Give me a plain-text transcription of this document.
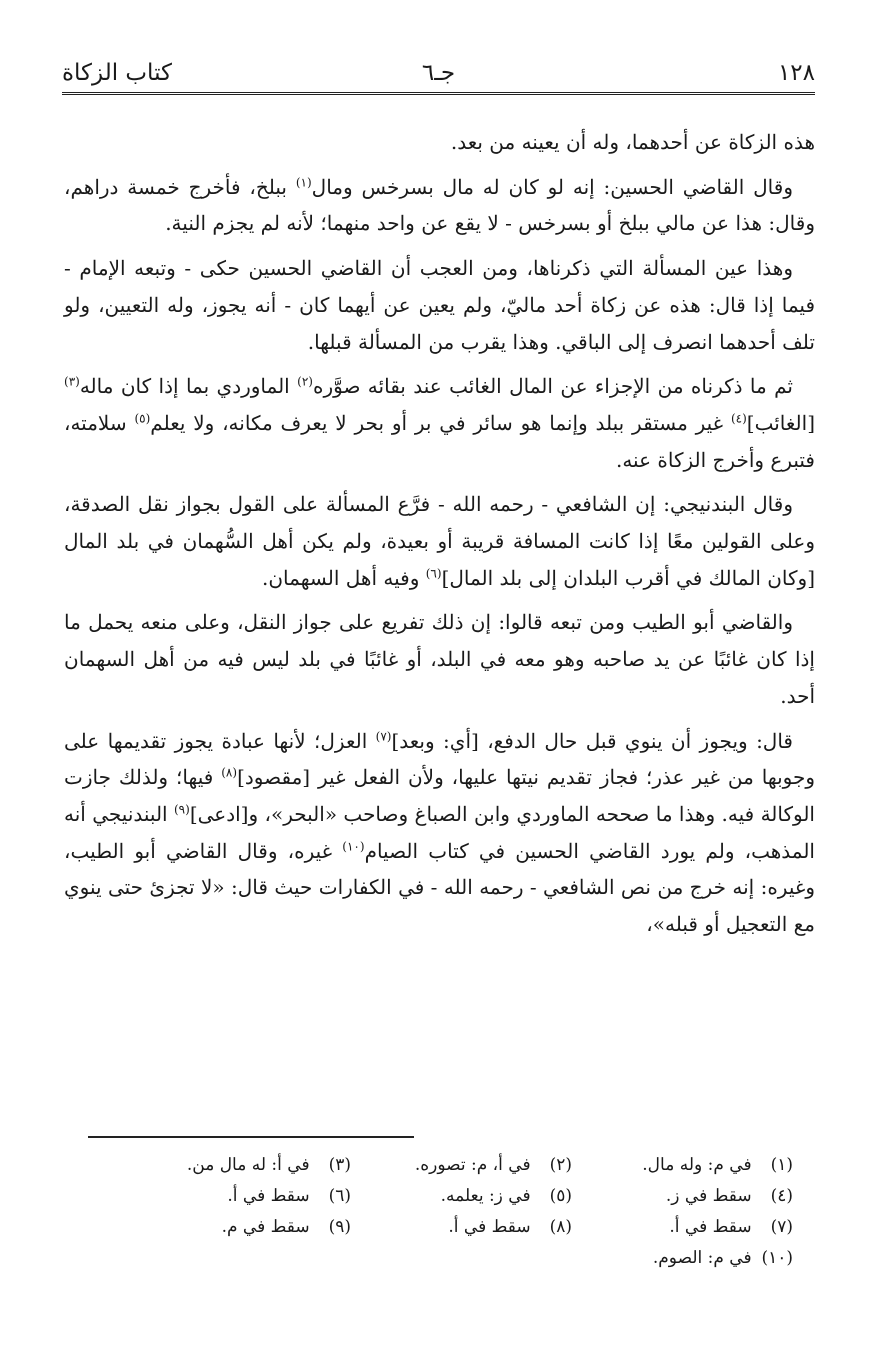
١٢٨
جـ٦
كتاب الزكاة

هذه الزكاة عن أحدهما، وله أن يعينه من بعد.

وقال القاضي الحسين: إنه لو كان له مال بسرخس ومال$^{(١)}$ ببلخ، فأخرج خمسة دراهم، وقال: هذا عن مالي ببلخ أو بسرخس - لا يقع عن واحد منهما؛ لأنه لم يجزم النية.

وهذا عين المسألة التي ذكرناها، ومن العجب أن القاضي الحسين حكى - وتبعه الإمام - فيما إذا قال: هذه عن زكاة أحد ماليّ، ولم يعين عن أيهما كان - أنه يجوز، وله التعيين، ولو تلف أحدهما انصرف إلى الباقي. وهذا يقرب من المسألة قبلها.

ثم ما ذكرناه من الإجزاء عن المال الغائب عند بقائه صوَّره$^{(٢)}$ الماوردي بما إذا كان ماله$^{(٣)}$ [الغائب]$^{(٤)}$ غير مستقر ببلد وإنما هو سائر في بر أو بحر لا يعرف مكانه، ولا يعلم$^{(٥)}$ سلامته، فتبرع وأخرج الزكاة عنه.

وقال البندنيجي: إن الشافعي - رحمه الله - فرَّع المسألة على القول بجواز نقل الصدقة، وعلى القولين معًا إذا كانت المسافة قريبة أو بعيدة، ولم يكن أهل السُّهمان في بلد المال [وكان المالك في أقرب البلدان إلى بلد المال]$^{(٦)}$ وفيه أهل السهمان.

والقاضي أبو الطيب ومن تبعه قالوا: إن ذلك تفريع على جواز النقل، وعلى منعه يحمل ما إذا كان غائبًا عن يد صاحبه وهو معه في البلد، أو غائبًا في بلد ليس فيه من أهل السهمان أحد.

قال: ويجوز أن ينوي قبل حال الدفع، [أي: وبعد]$^{(٧)}$ العزل؛ لأنها عبادة يجوز تقديمها على وجوبها من غير عذر؛ فجاز تقديم نيتها عليها، ولأن الفعل غير [مقصود]$^{(٨)}$ فيها؛ ولذلك جازت الوكالة فيه. وهذا ما صححه الماوردي وابن الصباغ وصاحب «البحر»، و[ادعى]$^{(٩)}$ البندنيجي أنه المذهب، ولم يورد القاضي الحسين في كتاب الصيام$^{(١٠)}$ غيره، وقال القاضي أبو الطيب، وغيره: إنه خرج من نص الشافعي - رحمه الله - في الكفارات حيث قال: «لا تجزئ حتى ينوي مع التعجيل أو قبله»،

(١) في م: وله مال.
(٢) في أ، م: تصوره.
(٣) في أ: له مال من.
(٤) سقط في ز.
(٥) في ز: يعلمه.
(٦) سقط في أ.
(٧) سقط في أ.
(٨) سقط في أ.
(٩) سقط في م.
(١٠) في م: الصوم.
